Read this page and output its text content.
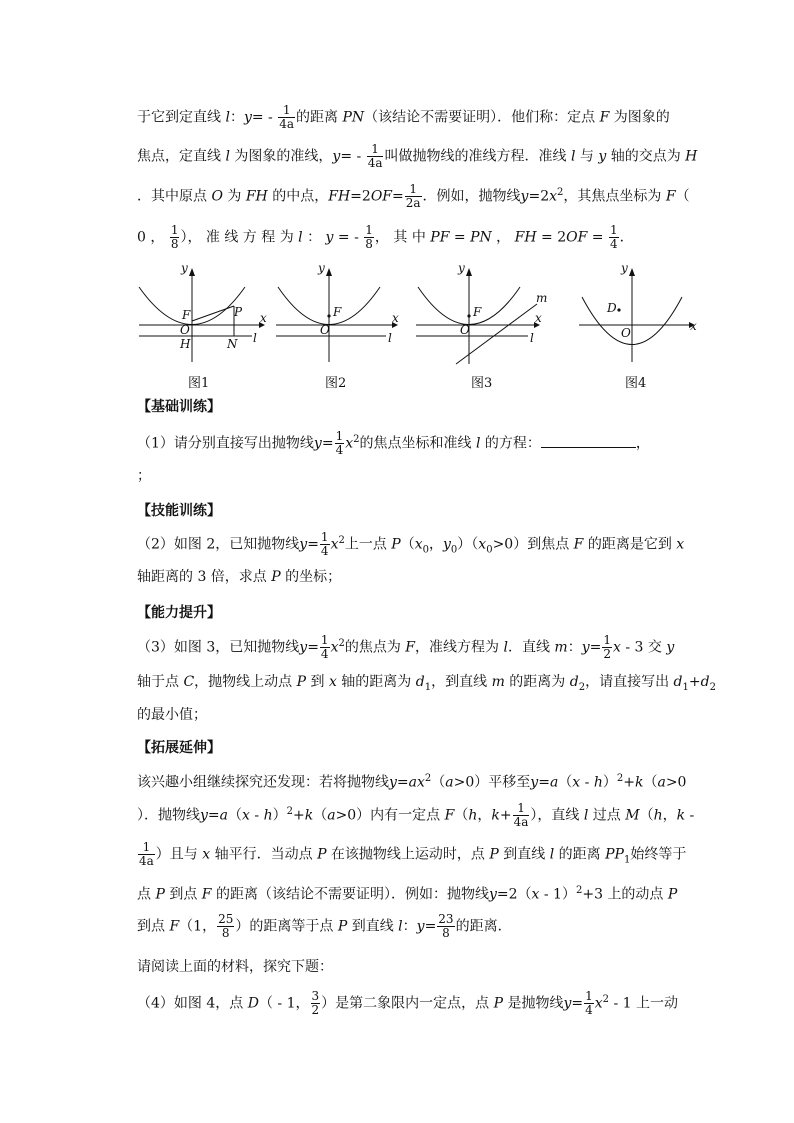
于它到定直线 l：$y= - \frac{1}{4a}$ 的距离 PN（该结论不需要证明）．他们称：定点 F 为图象的
焦点，定直线 l 为图象的准线，$y= - \frac{1}{4a}$ 叫做抛物线的准线方程．准线 l 与 y 轴的交点为 H
．其中原点 O 为 FH 的中点，$FH=2OF= \frac{1}{2a}$ ．例如，抛物线$y=2x^2$，其焦点坐标为 F（
0 ， $\frac{1}{8}$ ）， 准 线 方 程 为 l ： y = - $\frac{1}{8}$ ， 其 中 PF = PN ， FH = $2OF = \frac{1}{4}$ ．
y
x
F
O
H
P
N l
图1
y
x
F
O
l
图2
y
x
F
O
l
m
图3
y
x
D
O
图4
【基础训练】
（1）请分别直接写出抛物线$y= \frac{1}{4} x^2$的焦点坐标和准线 l 的方程：	，
；
【技能训练】
（2）如图 2，已知抛物线$y= \frac{1}{4} x^2$上一点 $P(x_0$，$y_0)(x_0>0)$到焦点 F 的距离是它到 x
轴距离的 3 倍，求点 P 的坐标；
【能力提升】
（3）如图 3，已知抛物线$y= \frac{1}{4} x^2$的焦点为 F，准线方程为 l．直线 m：$y= \frac{1}{2}$ x - 3 交 y
轴于点 C，抛物线上动点 P 到 x 轴的距离为 $d_1$，到直线 m 的距离为 $d_2$，请直接写出 $d_1+d_2$
的最小值；
【拓展延伸】
该兴趣小组继续探究还发现：若将抛物线$y=ax^2(a>0)$平移至y=a（x - h）$^2$+k（a>0
）．抛物线y=a（x - h）$^2$+k（a>0）内有一定点 F（h，$k+ \frac{1}{4a}$ ），直线 l 过点 M（h，k -
$\frac{1}{4a}$ ）且与 x 轴平行．当动点 P 在该抛物线上运动时，点 P 到直线 l 的距离 $PP_1$始终等于
点 P 到点 F 的距离（该结论不需要证明）．例如：抛物线y=2（x - 1）$^2$+3 上的动点 P
到点 F（1， $\frac{25}{8}$ ）的距离等于点 P 到直线 l：$y= \frac{23}{8}$ 的距离．
请阅读上面的材料，探究下题：
（4）如图 4，点 D（ - 1， $\frac{3}{2}$ ）是第二象限内一定点，点 P 是抛物线$y= \frac{1}{4} x^2 - 1$ 上一动
